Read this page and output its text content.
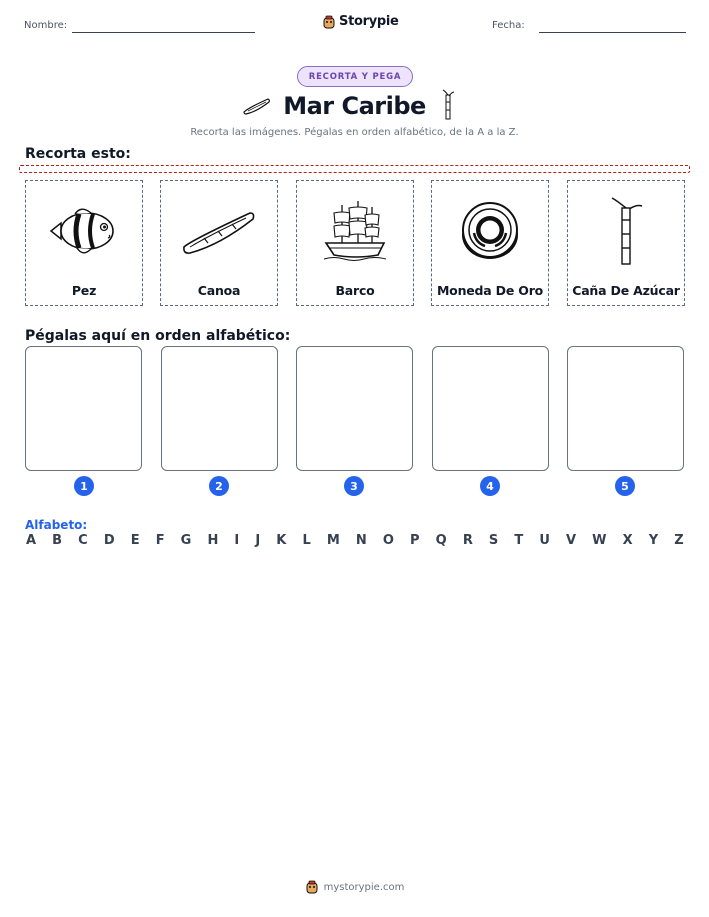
Nombre:	Storypie	Fecha:
RECORTA Y PEGA
Mar Caribe
Recorta las imágenes. Pégalas en orden alfabético, de la A a la Z.
Recorta esto:
Pez	Canoa	Barco	Moneda De Oro	Caña De Azúcar
Pégalas aquí en orden alfabético:
1	2	3	4	5
Alfabeto:
A B C D E F G H I J K L M N O P Q R S T U V W X Y Z
mystorypie.com
